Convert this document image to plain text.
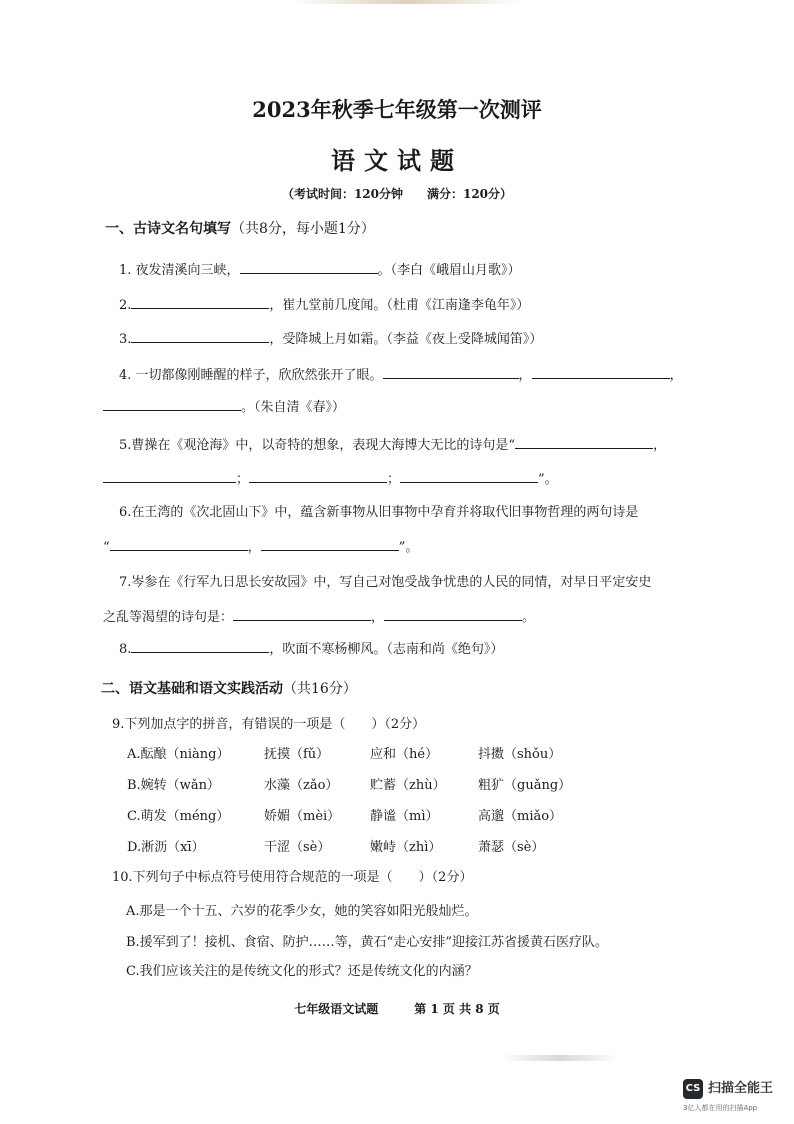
2023年秋季七年级第一次测评
语文试题
（考试时间：120分钟　　满分：120分）
一、古诗文名句填写（共8分，每小题1分）
1. 夜发清溪向三峡，	。（李白《峨眉山月歌》）
2.	，崔九堂前几度闻。（杜甫《江南逢李龟年》）
3.	，受降城上月如霜。（李益《夜上受降城闻笛》）
4. 一切都像刚睡醒的样子，欣欣然张开了眼。	，	，
。（朱自清《春》）
5.曹操在《观沧海》中，以奇特的想象，表现大海博大无比的诗句是“	，
；	；	”。
6.在王湾的《次北固山下》中，蕴含新事物从旧事物中孕育并将取代旧事物哲理的两句诗是
“	，	”。
7.岑参在《行军九日思长安故园》中，写自己对饱受战争忧患的人民的同情，对早日平定安史
之乱等渴望的诗句是：	，	。
8.	，吹面不寒杨柳风。（志南和尚《绝句》）
二、语文基础和语文实践活动（共16分）
9.下列加点字的拼音，有错误的一项是（　　）（2分）
A.酝酿（niàng）	抚摸（fǔ）	应和（hé）	抖擞（shǒu）
B.婉转（wǎn）	水藻（zǎo） 贮蓄（zhù） 粗犷（guǎng）
C.萌发（méng）	娇媚（mèi） 静谧（mì）	高邈（miǎo）
D.淅沥（xī）	干涩（sè）	嫩峙（zhì）	萧瑟（sè）
10.下列句子中标点符号使用符合规范的一项是（　　）（2分）
A.那是一个十五、六岁的花季少女，她的笑容如阳光般灿烂。
B.援军到了！接机、食宿、防护……等，黄石“走心安排”迎接江苏省援黄石医疗队。
C.我们应该关注的是传统文化的形式？还是传统文化的内涵？
七年级语文试题　　　第 1 页 共 8 页
CS 扫描全能王
3亿人都在用的扫描App
